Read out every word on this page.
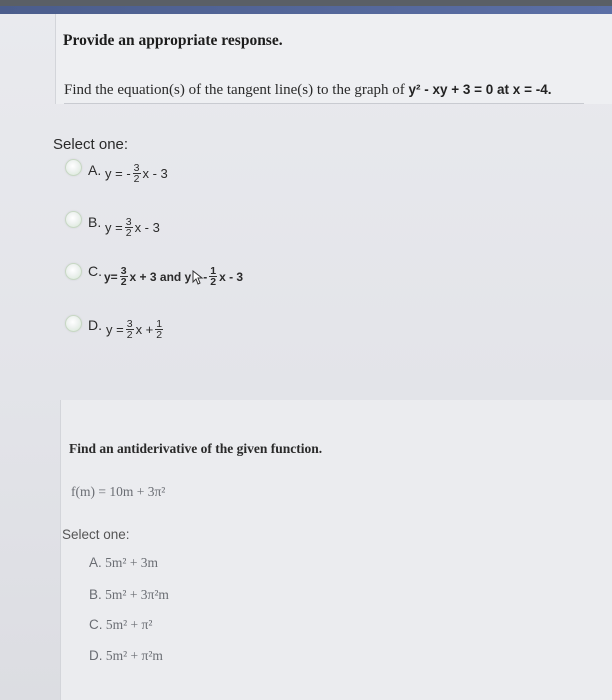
Provide an appropriate response.
Find the equation(s) of the tangent line(s) to the graph of y² - xy + 3 = 0 at x = -4.
Select one:
A. y = - $\frac{3}{2}$ x - 3
B. $y = \frac{3}{2}$ x - 3
C. $y= \frac{3}{2}$ x + 3 and y - $\frac{1}{2}$ x - 3
D. $y = \frac{3}{2}$ $x + \frac{1}{2}$
Find an antiderivative of the given function.
f(m) = 10m + 3π²
Select one:
A. 5m² + 3m
B. 5m² + 3π²m
C. 5m² + π²
D. 5m² + π²m
